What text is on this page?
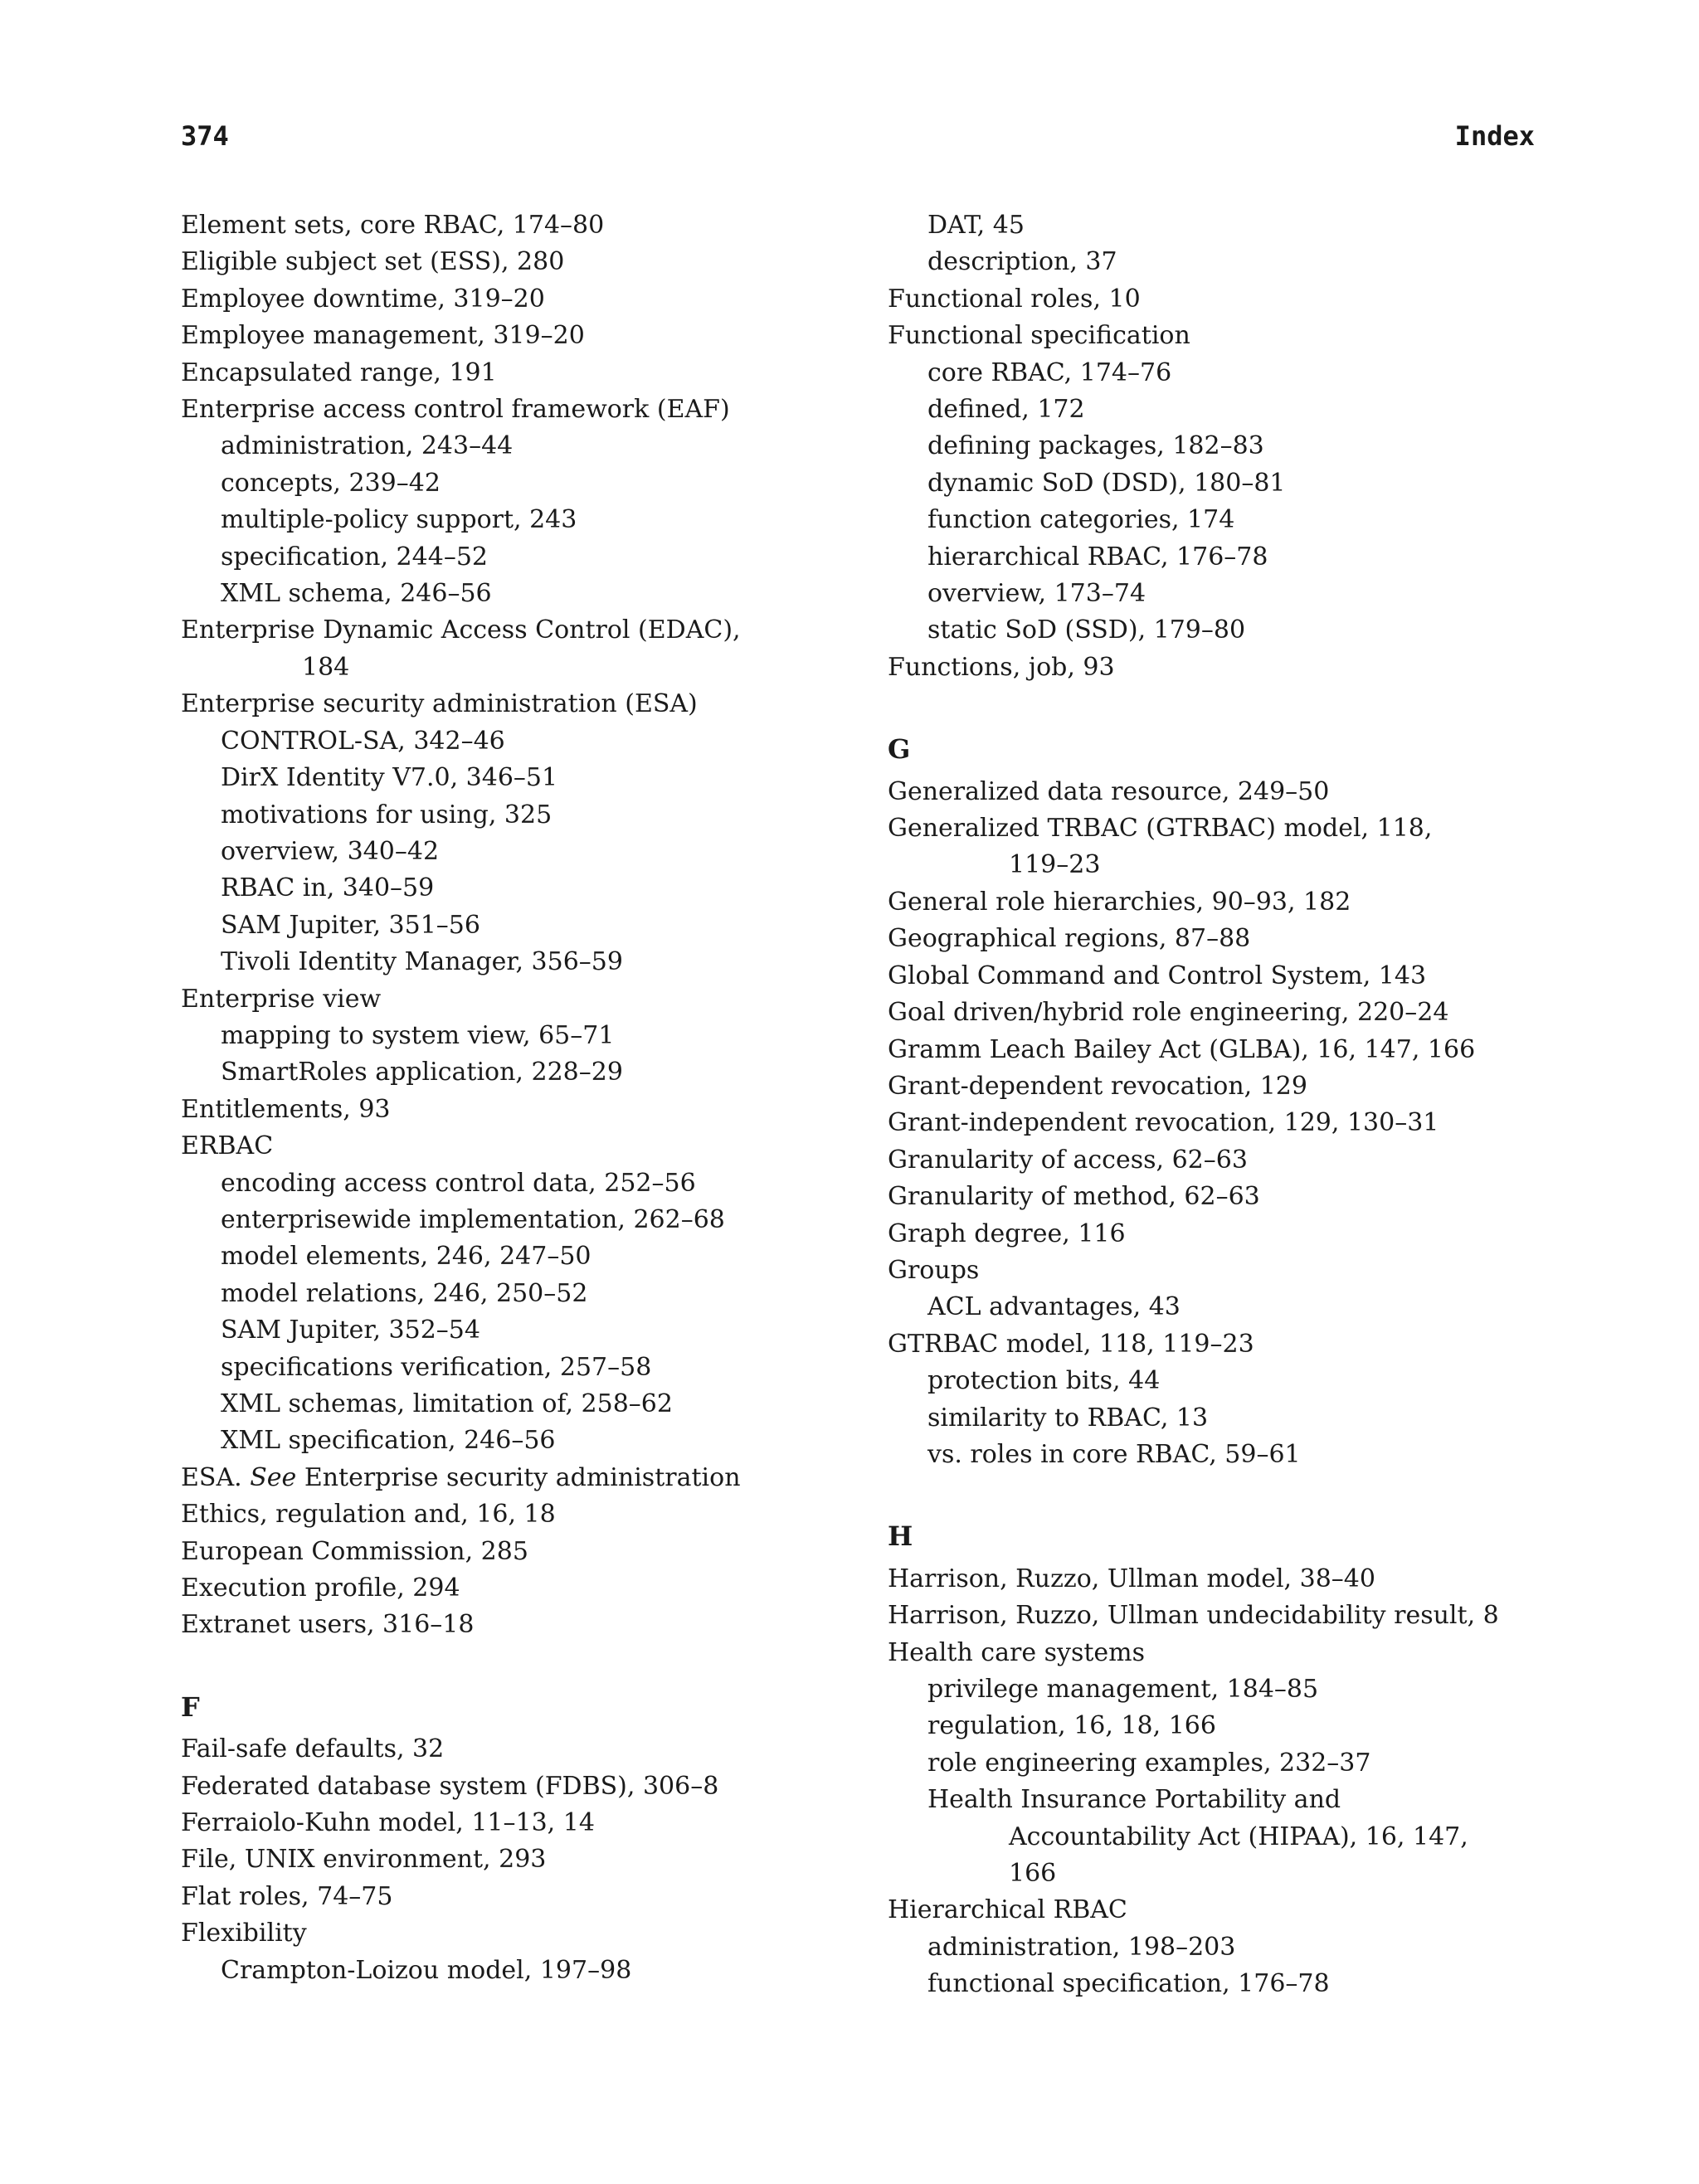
374	Index
Element sets, core RBAC, 174–80
Eligible subject set (ESS), 280
Employee downtime, 319–20
Employee management, 319–20
Encapsulated range, 191
Enterprise access control framework (EAF)
administration, 243–44
concepts, 239–42
multiple-policy support, 243
specification, 244–52
XML schema, 246–56
Enterprise Dynamic Access Control (EDAC),
184
Enterprise security administration (ESA)
CONTROL-SA, 342–46
DirX Identity V7.0, 346–51
motivations for using, 325
overview, 340–42
RBAC in, 340–59
SAM Jupiter, 351–56
Tivoli Identity Manager, 356–59
Enterprise view
mapping to system view, 65–71
SmartRoles application, 228–29
Entitlements, 93
ERBAC
encoding access control data, 252–56
enterprisewide implementation, 262–68
model elements, 246, 247–50
model relations, 246, 250–52
SAM Jupiter, 352–54
specifications verification, 257–58
XML schemas, limitation of, 258–62
XML specification, 246–56
ESA. See Enterprise security administration
Ethics, regulation and, 16, 18
European Commission, 285
Execution profile, 294
Extranet users, 316–18
F
Fail-safe defaults, 32
Federated database system (FDBS), 306–8
Ferraiolo-Kuhn model, 11–13, 14
File, UNIX environment, 293
Flat roles, 74–75
Flexibility
Crampton-Loizou model, 197–98
DAT, 45
description, 37
Functional roles, 10
Functional specification
core RBAC, 174–76
defined, 172
defining packages, 182–83
dynamic SoD (DSD), 180–81
function categories, 174
hierarchical RBAC, 176–78
overview, 173–74
static SoD (SSD), 179–80
Functions, job, 93
G
Generalized data resource, 249–50
Generalized TRBAC (GTRBAC) model, 118,
119–23
General role hierarchies, 90–93, 182
Geographical regions, 87–88
Global Command and Control System, 143
Goal driven/hybrid role engineering, 220–24
Gramm Leach Bailey Act (GLBA), 16, 147, 166
Grant-dependent revocation, 129
Grant-independent revocation, 129, 130–31
Granularity of access, 62–63
Granularity of method, 62–63
Graph degree, 116
Groups
ACL advantages, 43
GTRBAC model, 118, 119–23
protection bits, 44
similarity to RBAC, 13
vs. roles in core RBAC, 59–61
H
Harrison, Ruzzo, Ullman model, 38–40
Harrison, Ruzzo, Ullman undecidability result, 8
Health care systems
privilege management, 184–85
regulation, 16, 18, 166
role engineering examples, 232–37
Health Insurance Portability and
Accountability Act (HIPAA), 16, 147,
166
Hierarchical RBAC
administration, 198–203
functional specification, 176–78
